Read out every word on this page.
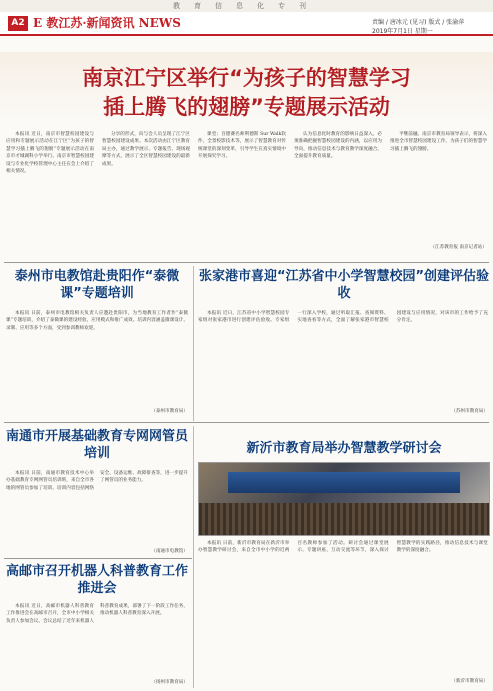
教育信息化专刊
A2 E 教江苏·新闻资讯 NEWS	责编 / 唐冰元 (见习) 版式 / 张渝萍
2019年7月1日 星期一
南京江宁区举行“为孩子的智慧学习
插上腾飞的翅膀”专题展示活动

本报讯 近日，南京市智慧校园建设与应用和专题展示活动在江宁区“为孩子的智慧学习插上腾飞的翅膀”专题展示活动在南京市才城湖科小学举行。南京市智慧校园建设与专业化学校管理中心主任在会上介绍了相关情况。

分享的形式，向与会人员呈现了江宁区智慧校园建设成果。本次活动由江宁区教育局主办，通过教学展示、专题报告、现场观摩等方式，展示了全区智慧校园建设的最新成果。

课堂；百德赛名师利德斯 Sur Walk软件，全景校影技术等，展示了智慧教育对传统课堂的深刻变革，引导学生在真实情境中开展探究学习。

认为信息化时教育的影响日益深入，必须准确把握智慧校园建设的内涵，以应用为导向，推动信息技术与教育教学深度融合，全面提升教育质量。

平继前融。南京市教育局领导表示，将深入推进全市智慧校园建设工作，为孩子们的智慧学习插上腾飞的翅膀。

（江苏教育报 南京记者站）
泰州市电教馆赴贵阳作“泰微课”专题培训

本报讯 日前，泰州市电教馆相关负责人应邀赴贵阳市，为当地教育工作者作“泰微课”专题培训，介绍了泰微课的建设经验、应用模式和推广成效。培训内容涵盖微课设计、录制、应用等多个方面，受到参训教师欢迎。

（泰州市教育局）
张家港市喜迎“江苏省中小学智慧校园”创建评估验收

本报讯 近日，江苏省中小学智慧校园专家组对张家港市进行创建评估验收。专家组一行深入学校，通过听取汇报、查阅资料、实地查看等方式，全面了解张家港市智慧校园建设与应用情况，对该市的工作给予了充分肯定。

（苏州市教育局）
南通市开展基础教育专网网管员培训

本报讯 日前，南通市教育技术中心举办基础教育专网网管员培训班，来自全市各地的网管员参加了培训。培训内容包括网络安全、设备运维、故障排查等，进一步提升了网管员的业务能力。

（南通市电教馆）
新沂市教育局举办智慧教学研讨会

本报讯 日前，新沂市教育局在新沂市举办智慧教学研讨会，来自全市中小学的近两百名教师参加了活动。研讨会通过课堂展示、专题讲座、互动交流等环节，深入探讨智慧教学的实践路径，推动信息技术与课堂教学的深度融合。

（新沂市教育局）
高邮市召开机器人科普教育工作推进会

本报讯 近日，高邮市机器人科普教育工作推进会在高邮市召开，全市中小学相关负责人参加会议。会议总结了近年来机器人科普教育成果，部署了下一阶段工作任务，推动机器人科普教育深入开展。

（扬州市教育局）
